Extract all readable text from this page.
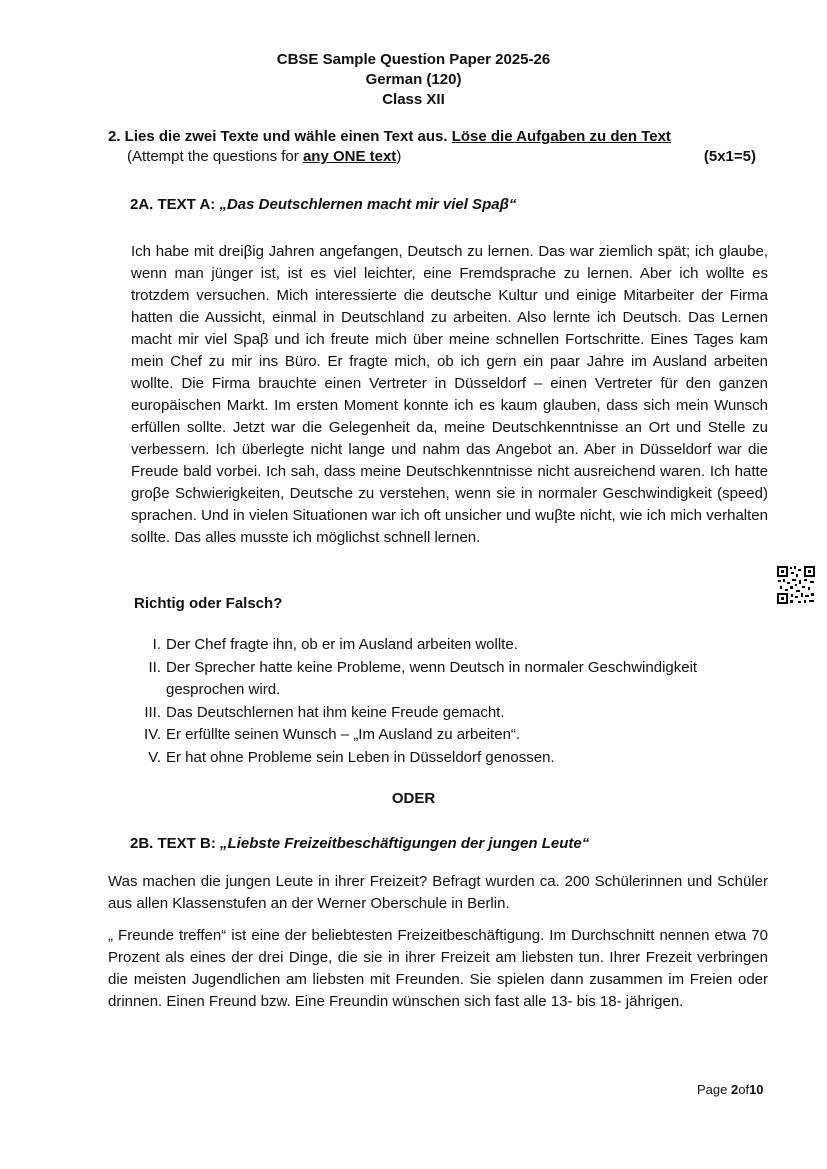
CBSE Sample Question Paper 2025-26
German (120)
Class XII
2. Lies die zwei Texte und wähle einen Text aus. Löse die Aufgaben zu den Text
(Attempt the questions for any ONE text)	(5x1=5)
2A. TEXT A: „Das Deutschlernen macht mir viel Spaβ“
Ich habe mit dreiβig Jahren angefangen, Deutsch zu lernen. Das war ziemlich spät; ich glaube, wenn man jünger ist, ist es viel leichter, eine Fremdsprache zu lernen. Aber ich wollte es trotzdem versuchen. Mich interessierte die deutsche Kultur und einige Mitarbeiter der Firma hatten die Aussicht, einmal in Deutschland zu arbeiten. Also lernte ich Deutsch. Das Lernen macht mir viel Spaβ und ich freute mich über meine schnellen Fortschritte. Eines Tages kam mein Chef zu mir ins Büro. Er fragte mich, ob ich gern ein paar Jahre im Ausland arbeiten wollte. Die Firma brauchte einen Vertreter in Düsseldorf – einen Vertreter für den ganzen europäischen Markt. Im ersten Moment konnte ich es kaum glauben, dass sich mein Wunsch erfüllen sollte. Jetzt war die Gelegenheit da, meine Deutschkenntnisse an Ort und Stelle zu verbessern. Ich überlegte nicht lange und nahm das Angebot an. Aber in Düsseldorf war die Freude bald vorbei. Ich sah, dass meine Deutschkenntnisse nicht ausreichend waren. Ich hatte groβe Schwierigkeiten, Deutsche zu verstehen, wenn sie in normaler Geschwindigkeit (speed) sprachen. Und in vielen Situationen war ich oft unsicher und wuβte nicht, wie ich mich verhalten sollte. Das alles musste ich möglichst schnell lernen.
Richtig oder Falsch?
I. Der Chef fragte ihn, ob er im Ausland arbeiten wollte.
II. Der Sprecher hatte keine Probleme, wenn Deutsch in normaler Geschwindigkeit gesprochen wird.
III. Das Deutschlernen hat ihm keine Freude gemacht.
IV. Er erfüllte seinen Wunsch – „Im Ausland zu arbeiten“.
V. Er hat ohne Probleme sein Leben in Düsseldorf genossen.
ODER
2B. TEXT B: „Liebste Freizeitbeschäftigungen der jungen Leute“
Was machen die jungen Leute in ihrer Freizeit? Befragt wurden ca. 200 Schülerinnen und Schüler aus allen Klassenstufen an der Werner Oberschule in Berlin.
„ Freunde treffen“ ist eine der beliebtesten Freizeitbeschäftigung. Im Durchschnitt nennen etwa 70 Prozent als eines der drei Dinge, die sie in ihrer Freizeit am liebsten tun. Ihrer Frezeit verbringen die meisten Jugendlichen am liebsten mit Freunden. Sie spielen dann zusammen im Freien oder drinnen. Einen Freund bzw. Eine Freundin wünschen sich fast alle 13- bis 18- jährigen.
Page 2of10
